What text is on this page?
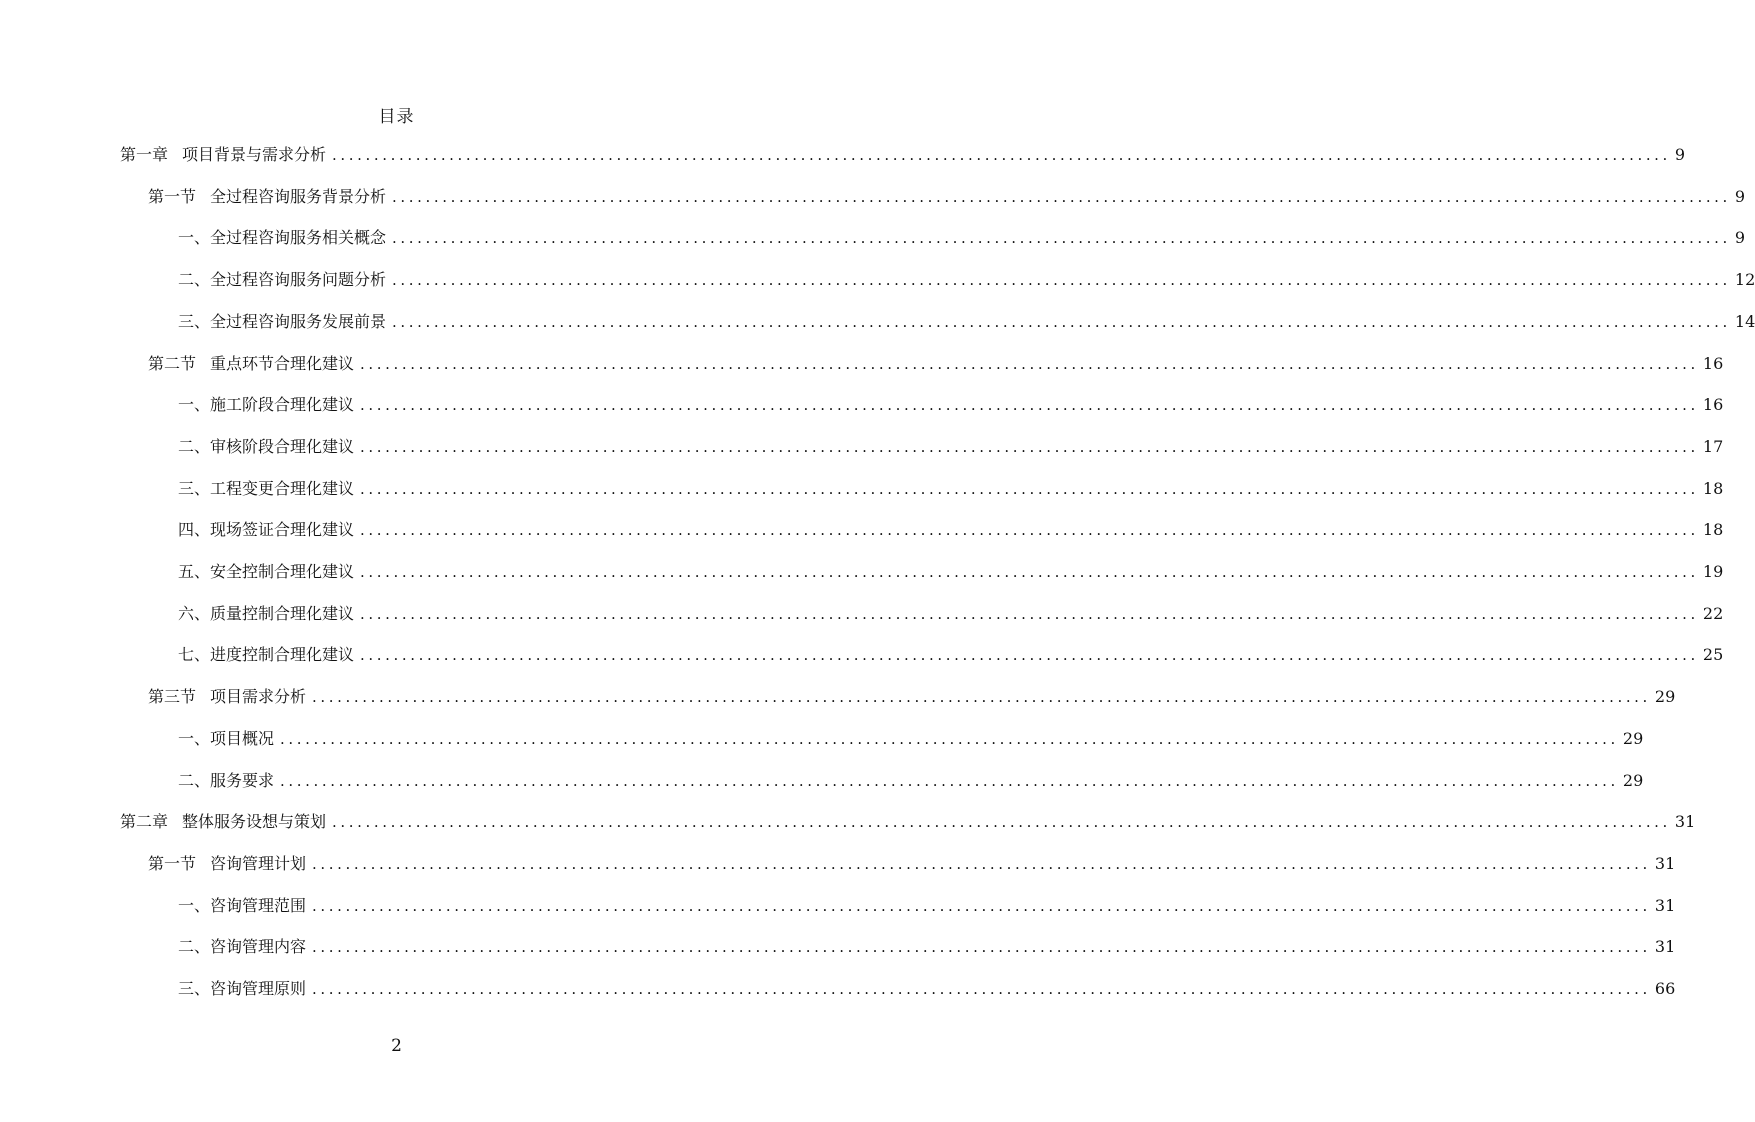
目录
第一章 项目背景与需求分析 ................................................................................................................................................................ 9
第一节 全过程咨询服务背景分析 ................................................................................................................................................................ 9
一、全过程咨询服务相关概念 ................................................................................................................................................................ 9
二、全过程咨询服务问题分析 ................................................................................................................................................................ 12
三、全过程咨询服务发展前景 ................................................................................................................................................................ 14
第二节 重点环节合理化建议 ................................................................................................................................................................ 16
一、施工阶段合理化建议 ................................................................................................................................................................ 16
二、审核阶段合理化建议 ................................................................................................................................................................ 17
三、工程变更合理化建议 ................................................................................................................................................................ 18
四、现场签证合理化建议 ................................................................................................................................................................ 18
五、安全控制合理化建议 ................................................................................................................................................................ 19
六、质量控制合理化建议 ................................................................................................................................................................ 22
七、进度控制合理化建议 ................................................................................................................................................................ 25
第三节 项目需求分析 ................................................................................................................................................................ 29
一、项目概况 ................................................................................................................................................................ 29
二、服务要求 ................................................................................................................................................................ 29
第二章 整体服务设想与策划 ................................................................................................................................................................ 31
第一节 咨询管理计划 ................................................................................................................................................................ 31
一、咨询管理范围 ................................................................................................................................................................ 31
二、咨询管理内容 ................................................................................................................................................................ 31
三、咨询管理原则 ................................................................................................................................................................ 66
2
